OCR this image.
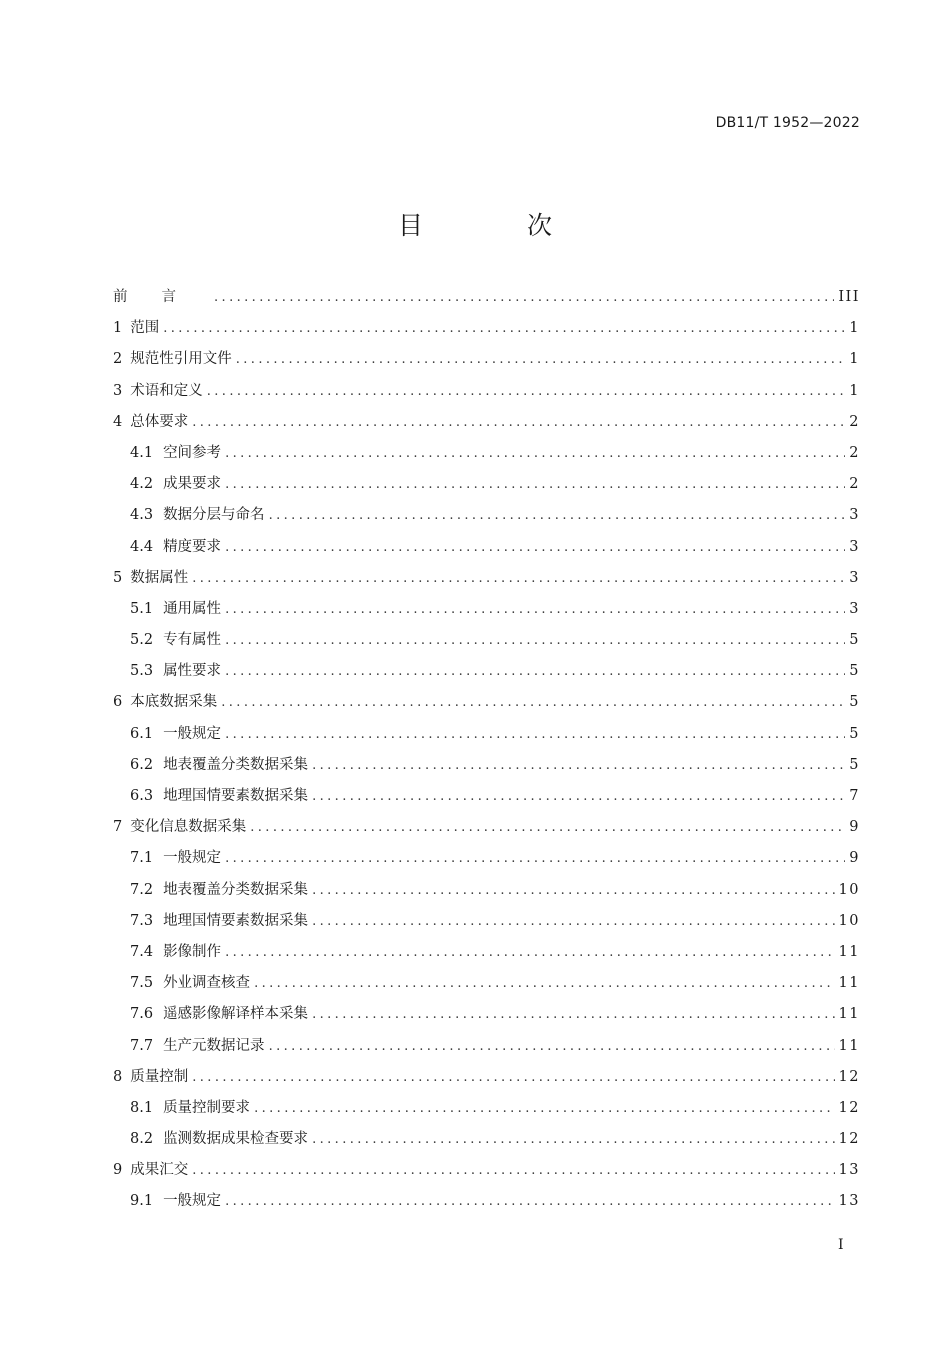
DB11/T 1952—2022
目 次
前言 .....	III
1 范围 .....	1
2 规范性引用文件 .....	1
3 术语和定义 .....	1
4 总体要求 .....	2
4.1 空间参考 .....	2
4.2 成果要求 .....	2
4.3 数据分层与命名 .....	3
4.4 精度要求 .....	3
5 数据属性 .....	3
5.1 通用属性 .....	3
5.2 专有属性 .....	5
5.3 属性要求 .....	5
6 本底数据采集 .....	5
6.1 一般规定 .....	5
6.2 地表覆盖分类数据采集 .....	5
6.3 地理国情要素数据采集 .....	7
7 变化信息数据采集 .....	9
7.1 一般规定 .....	9
7.2 地表覆盖分类数据采集 .....	10
7.3 地理国情要素数据采集 .....	10
7.4 影像制作 .....	11
7.5 外业调查核查 .....	11
7.6 遥感影像解译样本采集 .....	11
7.7 生产元数据记录 .....	11
8 质量控制 .....	12
8.1 质量控制要求 .....	12
8.2 监测数据成果检查要求 .....	12
9 成果汇交 .....	13
9.1 一般规定 .....	13
I
